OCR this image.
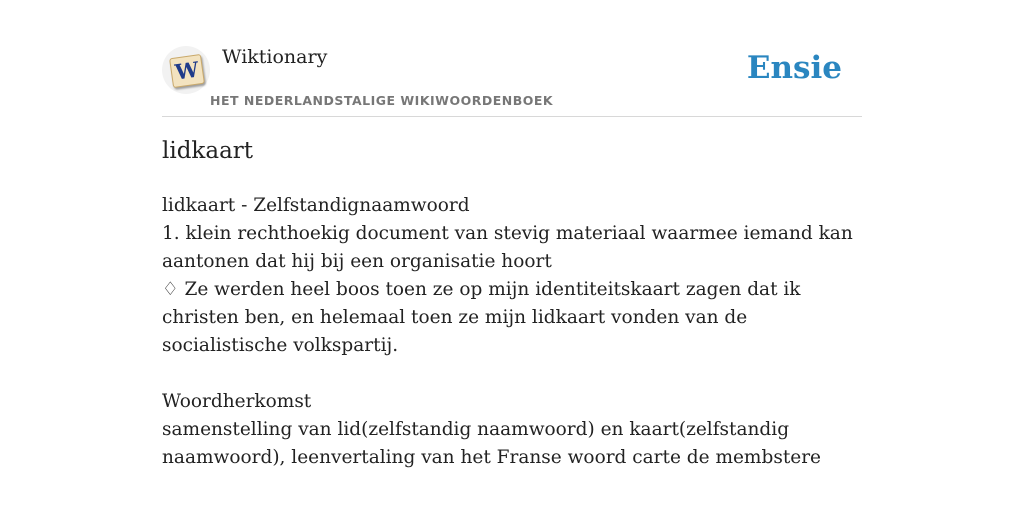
W Wiktionary
HET NEDERLANDSTALIGE WIKIWOORDENBOEK
Ensie
lidkaart

lidkaart - Zelfstandignaamwoord

1. klein rechthoekig document van stevig materiaal waarmee iemand kan aantonen dat hij bij een organisatie hoort

♢ Ze werden heel boos toen ze op mijn identiteitskaart zagen dat ik christen ben, en helemaal toen ze mijn lidkaart vonden van de socialistische volkspartij.

Woordherkomst

samenstelling van lid(zelfstandig naamwoord) en kaart(zelfstandig naamwoord), leenvertaling van het Franse woord carte de membstere
